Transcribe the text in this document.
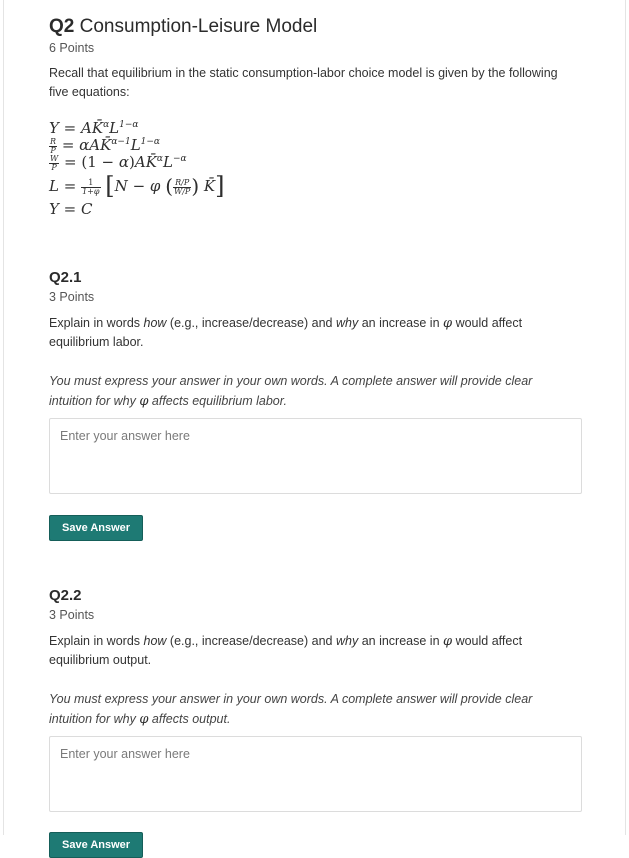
Q2 Consumption-Leisure Model
6 Points

Recall that equilibrium in the static consumption-labor choice model is given by the following five equations:

$Y = AK̄^\alpha L^{1-\alpha}$
$\frac{R}{P}$ = $\alpha AK̄^{\alpha-1}L^{1-\alpha}$
$\frac{W}{P} = (1$ − $\alpha)AK̄^\alpha L^{-\alpha}$
$L = \frac{1}{1+\varphi} [N - \varphi$ ( $\frac{R/P}{W/P}$ ) K̄]
Y = C
Q2.1
3 Points

Explain in words how (e.g., increase/decrease) and why an increase in φ would affect equilibrium labor.

You must express your answer in your own words. A complete answer will provide clear intuition for why φ affects equilibrium labor.

Enter your answer here
Save Answer
Q2.2
3 Points

Explain in words how (e.g., increase/decrease) and why an increase in φ would affect equilibrium output.

You must express your answer in your own words. A complete answer will provide clear intuition for why φ affects output.

Enter your answer here
Save Answer
